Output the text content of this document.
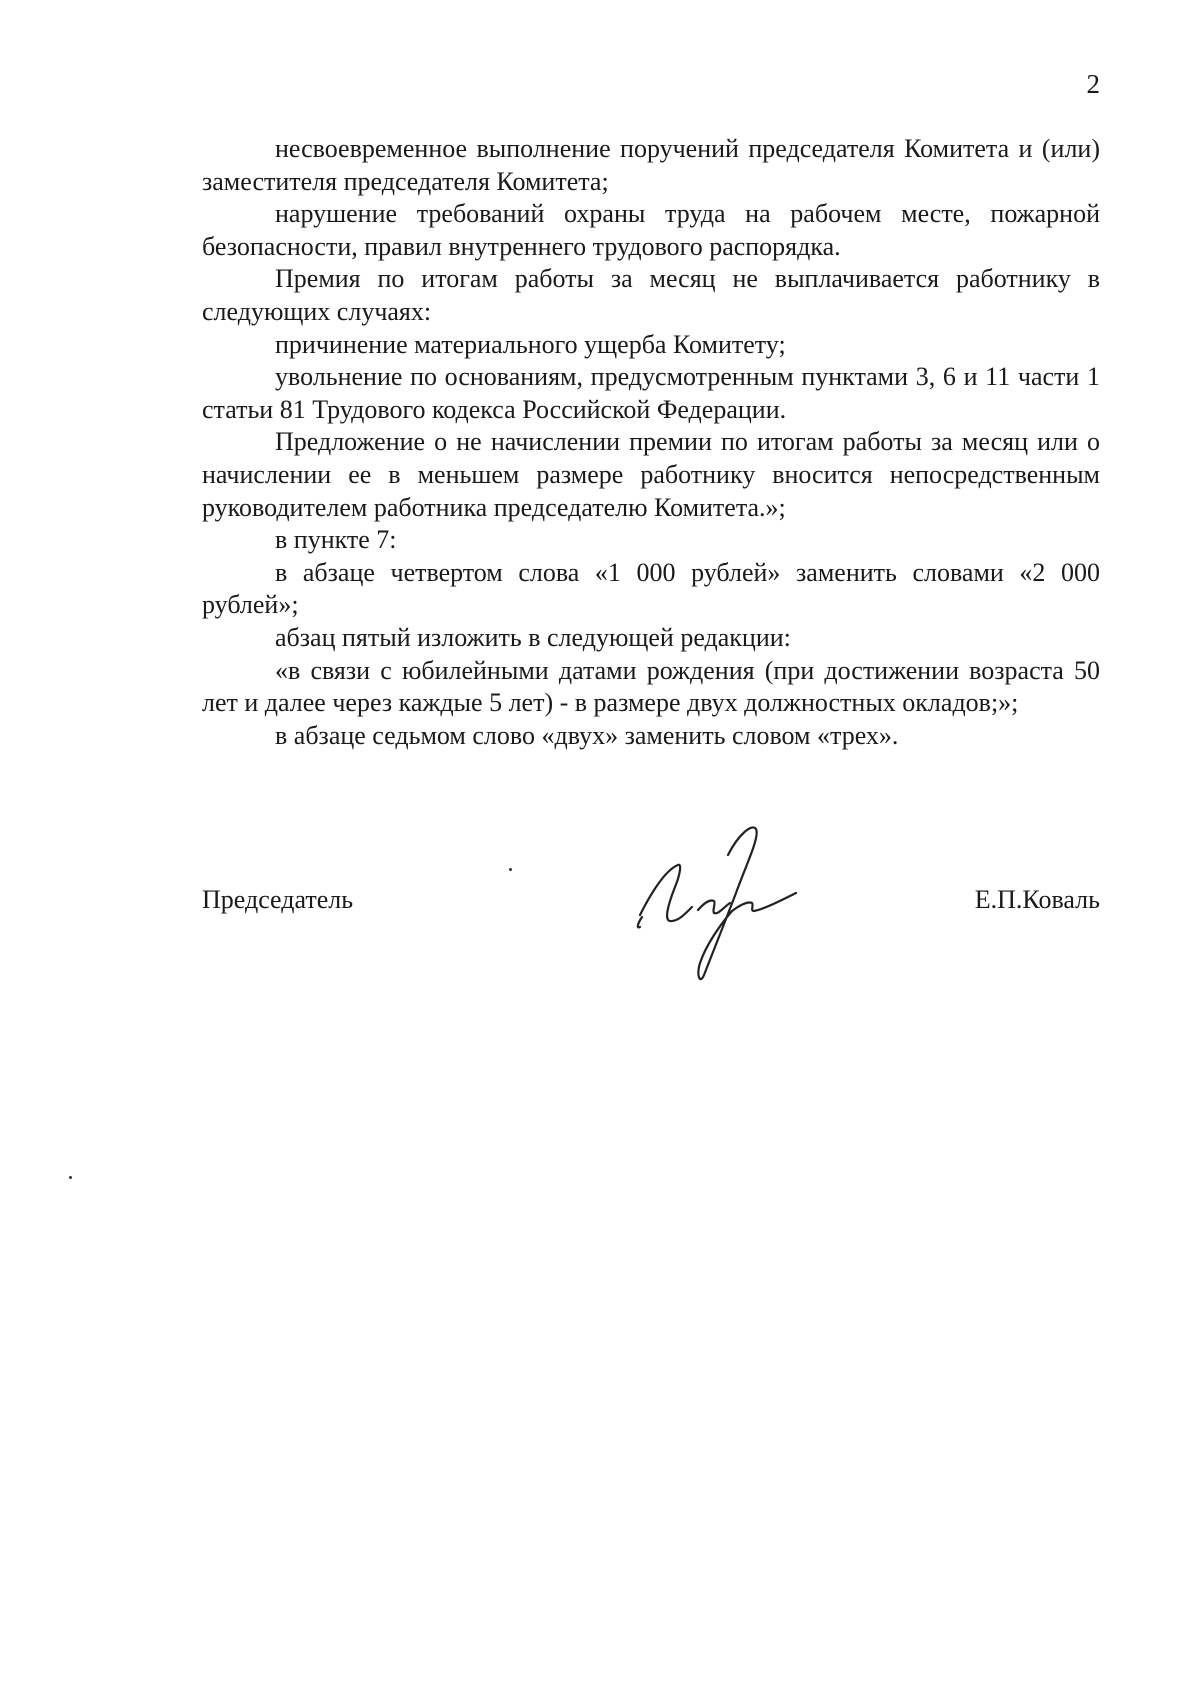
2

несвоевременное выполнение поручений председателя Комитета и (или) заместителя председателя Комитета;

нарушение требований охраны труда на рабочем месте, пожарной безопасности, правил внутреннего трудового распорядка.

Премия по итогам работы за месяц не выплачивается работнику в следующих случаях:

причинение материального ущерба Комитету;

увольнение по основаниям, предусмотренным пунктами 3, 6 и 11 части 1 статьи 81 Трудового кодекса Российской Федерации.

Предложение о не начислении премии по итогам работы за месяц или о начислении ее в меньшем размере работнику вносится непосредственным руководителем работника председателю Комитета.»;

в пункте 7:

в абзаце четвертом слова «1 000 рублей» заменить словами «2 000 рублей»;

абзац пятый изложить в следующей редакции:

«в связи с юбилейными датами рождения (при достижении возраста 50 лет и далее через каждые 5 лет) - в размере двух должностных окладов;»;

в абзаце седьмом слово «двух» заменить словом «трех».

Председатель	Е.П.Коваль
